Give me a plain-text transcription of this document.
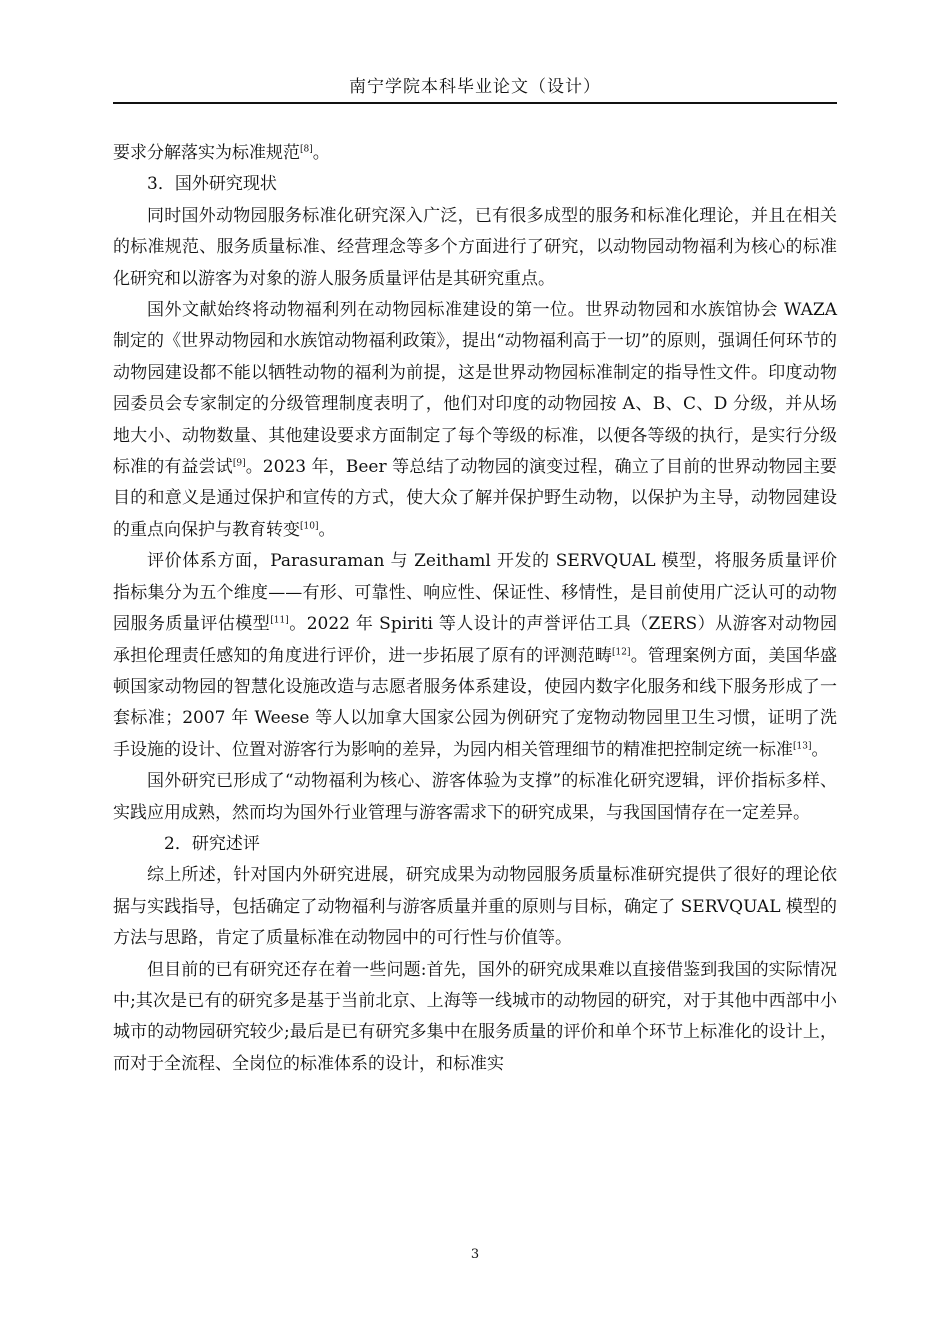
南宁学院本科毕业论文（设计）

要求分解落实为标准规范[8]。

3．国外研究现状

同时国外动物园服务标准化研究深入广泛，已有很多成型的服务和标准化理论，并且在相关的标准规范、服务质量标准、经营理念等多个方面进行了研究，以动物园动物福利为核心的标准化研究和以游客为对象的游人服务质量评估是其研究重点。

国外文献始终将动物福利列在动物园标准建设的第一位。世界动物园和水族馆协会 WAZA 制定的《世界动物园和水族馆动物福利政策》，提出“动物福利高于一切”的原则，强调任何环节的动物园建设都不能以牺牲动物的福利为前提，这是世界动物园标准制定的指导性文件。印度动物园委员会专家制定的分级管理制度表明了，他们对印度的动物园按 A、B、C、D 分级，并从场地大小、动物数量、其他建设要求方面制定了每个等级的标准，以便各等级的执行，是实行分级标准的有益尝试[9]。2023 年，Beer 等总结了动物园的演变过程，确立了目前的世界动物园主要目的和意义是通过保护和宣传的方式，使大众了解并保护野生动物，以保护为主导，动物园建设的重点向保护与教育转变[10]。

评价体系方面，Parasuraman 与 Zeithaml 开发的 SERVQUAL 模型，将服务质量评价指标集分为五个维度——有形、可靠性、响应性、保证性、移情性，是目前使用广泛认可的动物园服务质量评估模型[11]。2022 年 Spiriti 等人设计的声誉评估工具（ZERS）从游客对动物园承担伦理责任感知的角度进行评价，进一步拓展了原有的评测范畴[12]。管理案例方面，美国华盛顿国家动物园的智慧化设施改造与志愿者服务体系建设，使园内数字化服务和线下服务形成了一套标准；2007 年 Weese 等人以加拿大国家公园为例研究了宠物动物园里卫生习惯，证明了洗手设施的设计、位置对游客行为影响的差异，为园内相关管理细节的精准把控制定统一标准[13]。

国外研究已形成了“动物福利为核心、游客体验为支撑”的标准化研究逻辑，评价指标多样、实践应用成熟，然而均为国外行业管理与游客需求下的研究成果，与我国国情存在一定差异。

2．研究述评

综上所述，针对国内外研究进展，研究成果为动物园服务质量标准研究提供了很好的理论依据与实践指导，包括确定了动物福利与游客质量并重的原则与目标，确定了 SERVQUAL 模型的方法与思路，肯定了质量标准在动物园中的可行性与价值等。

但目前的已有研究还存在着一些问题:首先，国外的研究成果难以直接借鉴到我国的实际情况中;其次是已有的研究多是基于当前北京、上海等一线城市的动物园的研究，对于其他中西部中小城市的动物园研究较少;最后是已有研究多集中在服务质量的评价和单个环节上标准化的设计上，而对于全流程、全岗位的标准体系的设计，和标准实

3
